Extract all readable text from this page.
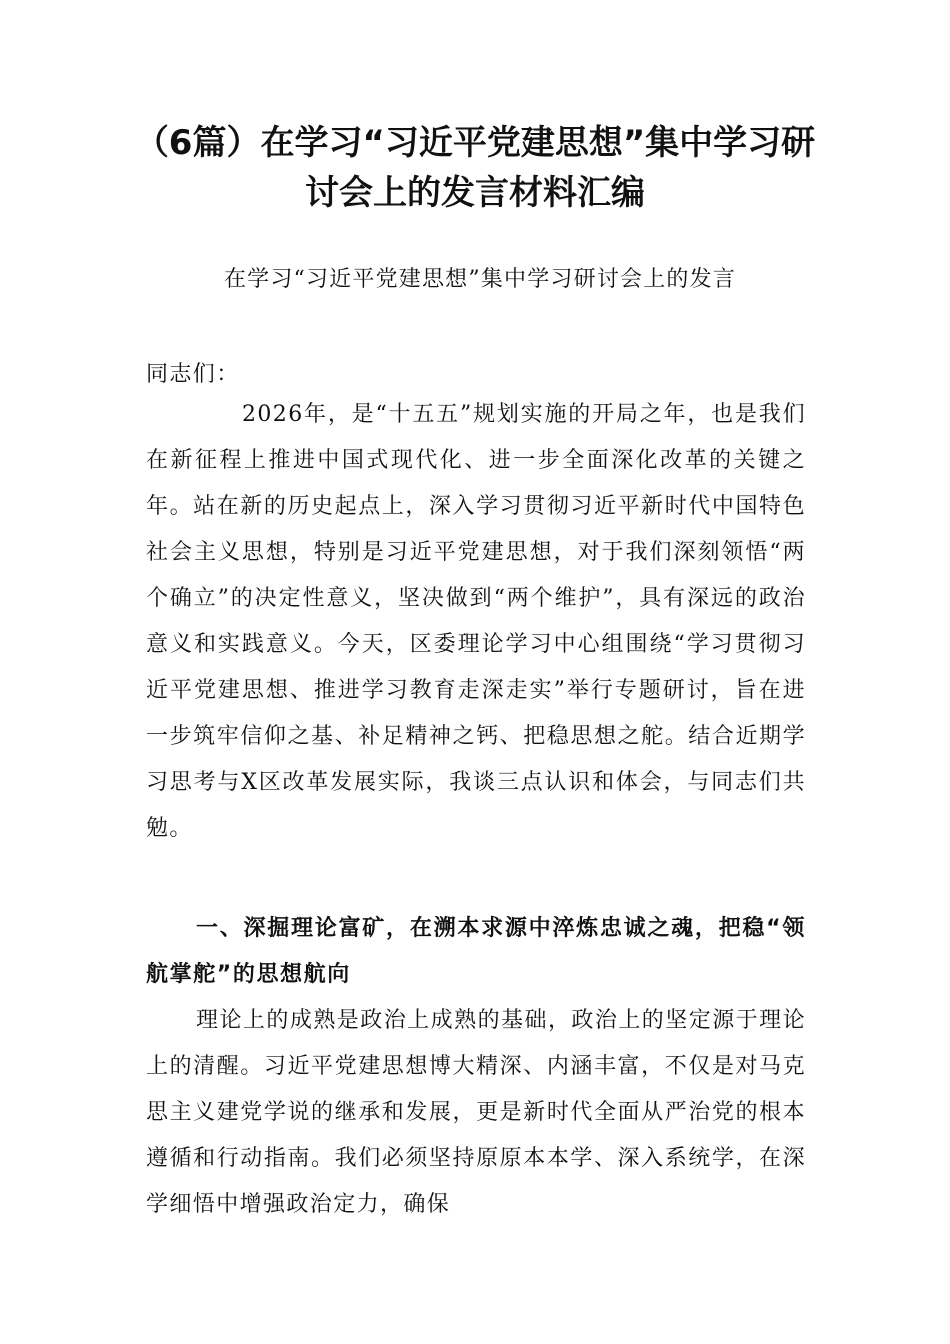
（6篇）在学习“习近平党建思想”集中学习研讨会上的发言材料汇编

在学习“习近平党建思想”集中学习研讨会上的发言

同志们：

2026年，是“十五五”规划实施的开局之年，也是我们在新征程上推进中国式现代化、进一步全面深化改革的关键之年。站在新的历史起点上，深入学习贯彻习近平新时代中国特色社会主义思想，特别是习近平党建思想，对于我们深刻领悟“两个确立”的决定性意义，坚决做到“两个维护”，具有深远的政治意义和实践意义。今天，区委理论学习中心组围绕“学习贯彻习近平党建思想、推进学习教育走深走实”举行专题研讨，旨在进一步筑牢信仰之基、补足精神之钙、把稳思想之舵。结合近期学习思考与X区改革发展实际，我谈三点认识和体会，与同志们共勉。

一、深掘理论富矿，在溯本求源中淬炼忠诚之魂，把稳“领航掌舵”的思想航向

理论上的成熟是政治上成熟的基础，政治上的坚定源于理论上的清醒。习近平党建思想博大精深、内涵丰富，不仅是对马克思主义建党学说的继承和发展，更是新时代全面从严治党的根本遵循和行动指南。我们必须坚持原原本本学、深入系统学，在深学细悟中增强政治定力，确保
